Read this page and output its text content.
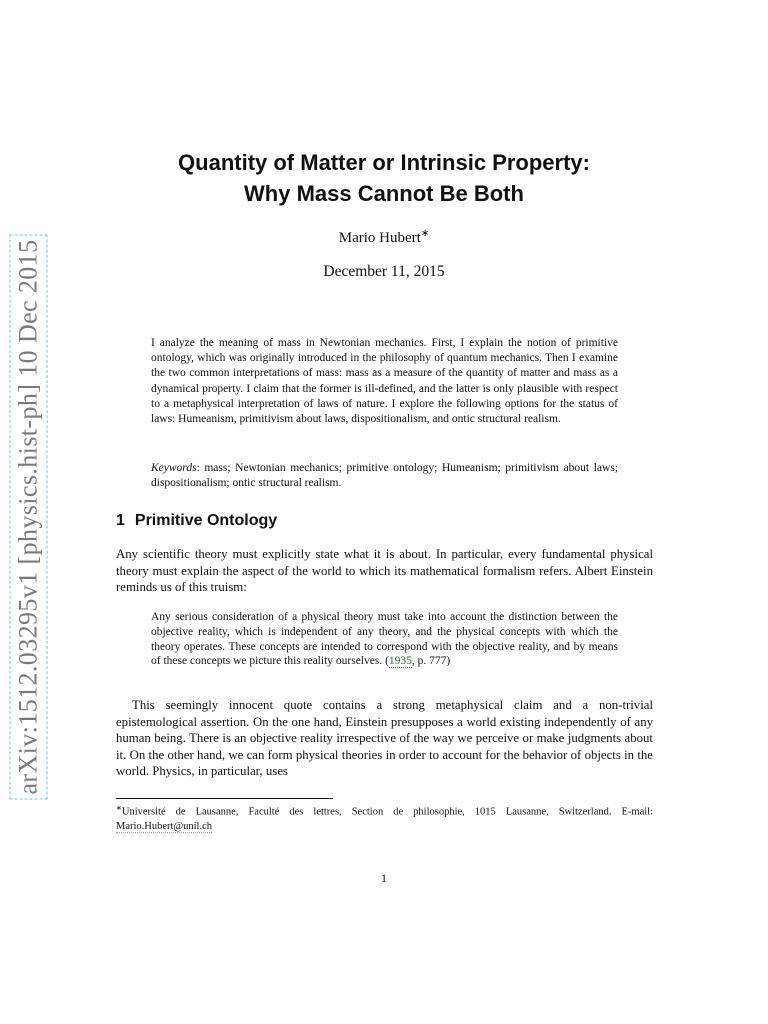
arXiv:1512.03295v1 [physics.hist-ph] 10 Dec 2015
Quantity of Matter or Intrinsic Property:
Why Mass Cannot Be Both
Mario Hubert∗
December 11, 2015

I analyze the meaning of mass in Newtonian mechanics. First, I explain the notion of primitive ontology, which was originally introduced in the philosophy of quantum mechanics. Then I examine the two common interpretations of mass: mass as a measure of the quantity of matter and mass as a dynamical property. I claim that the former is ill-defined, and the latter is only plausible with respect to a metaphysical interpretation of laws of nature. I explore the following options for the status of laws: Humeanism, primitivism about laws, dispositionalism, and ontic structural realism.

Keywords: mass; Newtonian mechanics; primitive ontology; Humeanism; primitivism about laws; dispositionalism; ontic structural realism.

1 Primitive Ontology

Any scientific theory must explicitly state what it is about. In particular, every fundamental physical theory must explain the aspect of the world to which its mathematical formalism refers. Albert Einstein reminds us of this truism:

Any serious consideration of a physical theory must take into account the distinction between the objective reality, which is independent of any theory, and the physical concepts with which the theory operates. These concepts are intended to correspond with the objective reality, and by means of these concepts we picture this reality ourselves. (1935, p. 777)

This seemingly innocent quote contains a strong metaphysical claim and a non-trivial epistemological assertion. On the one hand, Einstein presupposes a world existing independently of any human being. There is an objective reality irrespective of the way we perceive or make judgments about it. On the other hand, we can form physical theories in order to account for the behavior of objects in the world. Physics, in particular, uses

∗Université de Lausanne, Faculté des lettres, Section de philosophie, 1015 Lausanne, Switzerland. E-mail: Mario.Hubert@unil.ch

1
